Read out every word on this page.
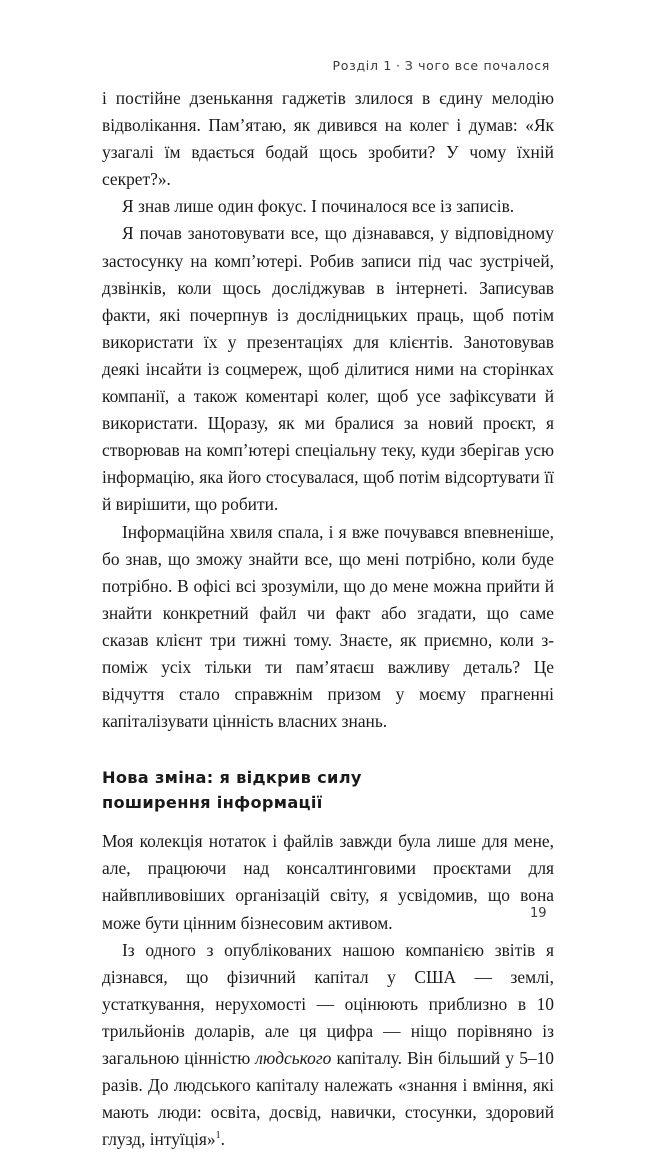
Розділ 1 · З чого все почалося

і постійне дзенькання гаджетів злилося в єдину мелодію відволікання. Пам’ятаю, як дивився на колег і думав: «Як узагалі їм вдається бодай щось зробити? У чому їхній секрет?».

Я знав лише один фокус. І починалося все із записів.

Я почав занотовувати все, що дізнавався, у відповідному застосунку на комп’ютері. Робив записи під час зустрічей, дзвінків, коли щось досліджував в інтернеті. Записував факти, які почерпнув із дослідницьких праць, щоб потім використати їх у презентаціях для клієнтів. Занотовував деякі інсайти із соцмереж, щоб ділитися ними на сторінках компанії, а також коментарі колег, щоб усе зафіксувати й використати. Щоразу, як ми бралися за новий проєкт, я створював на комп’ютері спеціальну теку, куди зберігав усю інформацію, яка його стосувалася, щоб потім відсортувати її й вирішити, що робити.

Інформаційна хвиля спала, і я вже почувався впевненіше, бо знав, що зможу знайти все, що мені потрібно, коли буде потрібно. В офісі всі зрозуміли, що до мене можна прийти й знайти конкретний файл чи факт або згадати, що саме сказав клієнт три тижні тому. Знаєте, як приємно, коли з-поміж усіх тільки ти пам’ятаєш важливу деталь? Це відчуття стало справжнім призом у моєму прагненні капіталізувати цінність власних знань.

Нова зміна: я відкрив силу
поширення інформації

Моя колекція нотаток і файлів завжди була лише для мене, але, працюючи над консалтинговими проєктами для найвпливовіших організацій світу, я усвідомив, що вона може бути цінним бізнесовим активом.

Із одного з опублікованих нашою компанією звітів я дізнався, що фізичний капітал у США — землі, устаткування, нерухомості — оцінюють приблизно в 10 трильйонів доларів, але ця цифра — ніщо порівняно із загальною цінністю людського капіталу. Він більший у 5–10 разів. До людського капіталу належать «знання і вміння, які мають люди: освіта, досвід, навички, стосунки, здоровий глузд, інтуїція»$^1$.

19
